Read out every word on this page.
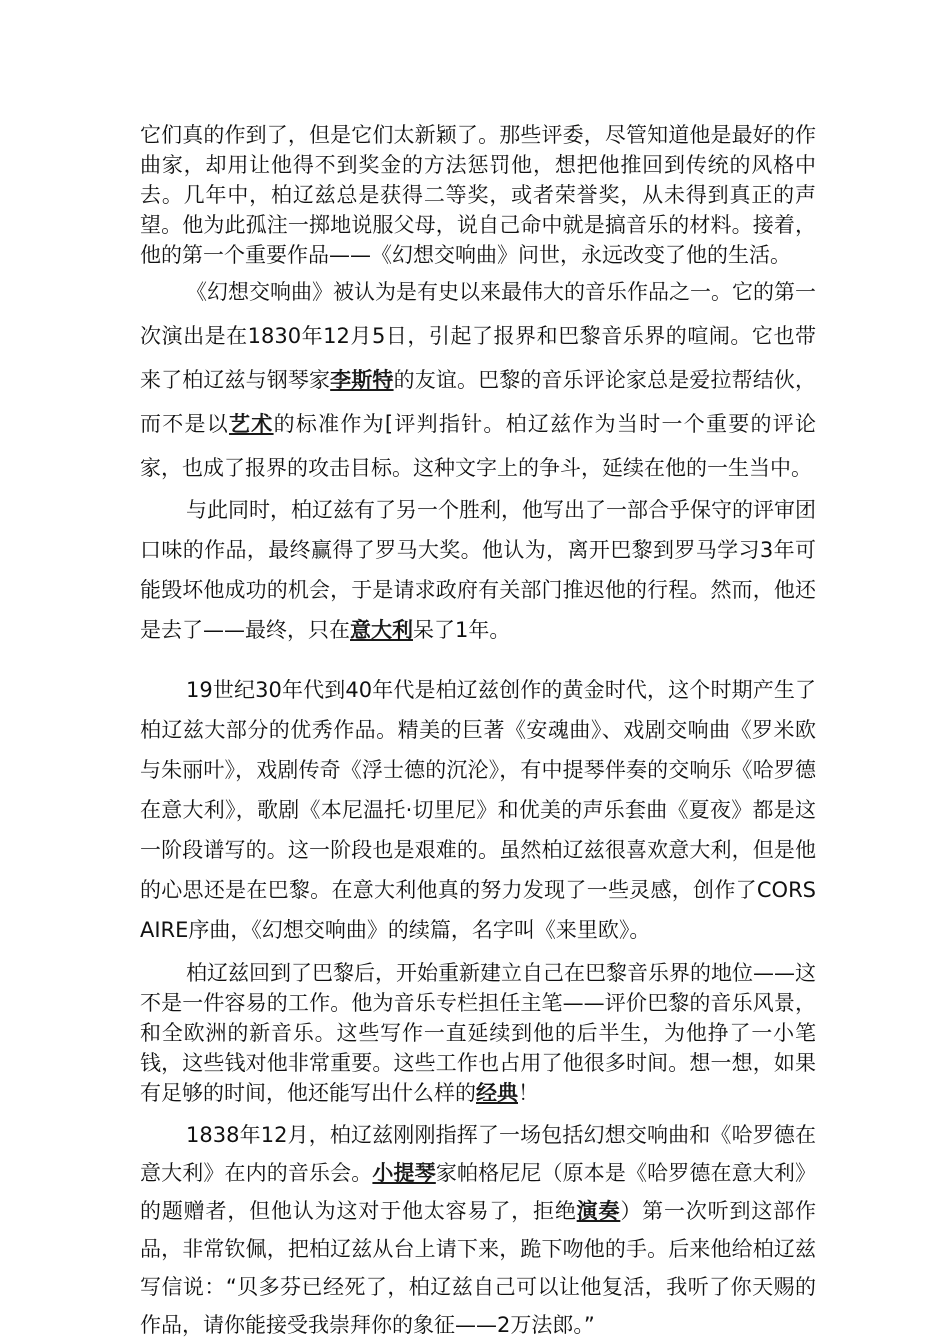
它们真的作到了，但是它们太新颖了。那些评委，尽管知道他是最好的作曲家，却用让他得不到奖金的方法惩罚他，想把他推回到传统的风格中去。几年中，柏辽兹总是获得二等奖，或者荣誉奖，从未得到真正的声望。他为此孤注一掷地说服父母，说自己命中就是搞音乐的材料。接着，他的第一个重要作品——《幻想交响曲》问世，永远改变了他的生活。

《幻想交响曲》被认为是有史以来最伟大的音乐作品之一。它的第一次演出是在1830年12月5日，引起了报界和巴黎音乐界的喧闹。它也带来了柏辽兹与钢琴家李斯特的友谊。巴黎的音乐评论家总是爱拉帮结伙，而不是以艺术的标准作为[评判指针。柏辽兹作为当时一个重要的评论家，也成了报界的攻击目标。这种文字上的争斗，延续在他的一生当中。

与此同时，柏辽兹有了另一个胜利，他写出了一部合乎保守的评审团口味的作品，最终赢得了罗马大奖。他认为，离开巴黎到罗马学习3年可能毁坏他成功的机会，于是请求政府有关部门推迟他的行程。然而，他还是去了——最终，只在意大利呆了1年。

19世纪30年代到40年代是柏辽兹创作的黄金时代，这个时期产生了柏辽兹大部分的优秀作品。精美的巨著《安魂曲》、戏剧交响曲《罗米欧与朱丽叶》，戏剧传奇《浮士德的沉沦》，有中提琴伴奏的交响乐《哈罗德在意大利》，歌剧《本尼温托·切里尼》和优美的声乐套曲《夏夜》都是这一阶段谱写的。这一阶段也是艰难的。虽然柏辽兹很喜欢意大利，但是他的心思还是在巴黎。在意大利他真的努力发现了一些灵感，创作了CORSAIRE序曲，《幻想交响曲》的续篇，名字叫《来里欧》。

柏辽兹回到了巴黎后，开始重新建立自己在巴黎音乐界的地位——这不是一件容易的工作。他为音乐专栏担任主笔——评价巴黎的音乐风景，和全欧洲的新音乐。这些写作一直延续到他的后半生，为他挣了一小笔钱，这些钱对他非常重要。这些工作也占用了他很多时间。想一想，如果有足够的时间，他还能写出什么样的经典！

1838年12月，柏辽兹刚刚指挥了一场包括幻想交响曲和《哈罗德在意大利》在内的音乐会。小提琴家帕格尼尼（原本是《哈罗德在意大利》的题赠者，但他认为这对于他太容易了，拒绝演奏）第一次听到这部作品，非常钦佩，把柏辽兹从台上请下来，跪下吻他的手。后来他给柏辽兹写信说：“贝多芬已经死了，柏辽兹自己可以让他复活，我听了你天赐的作品，请你能接受我崇拜你的象征——2万法郎。”
